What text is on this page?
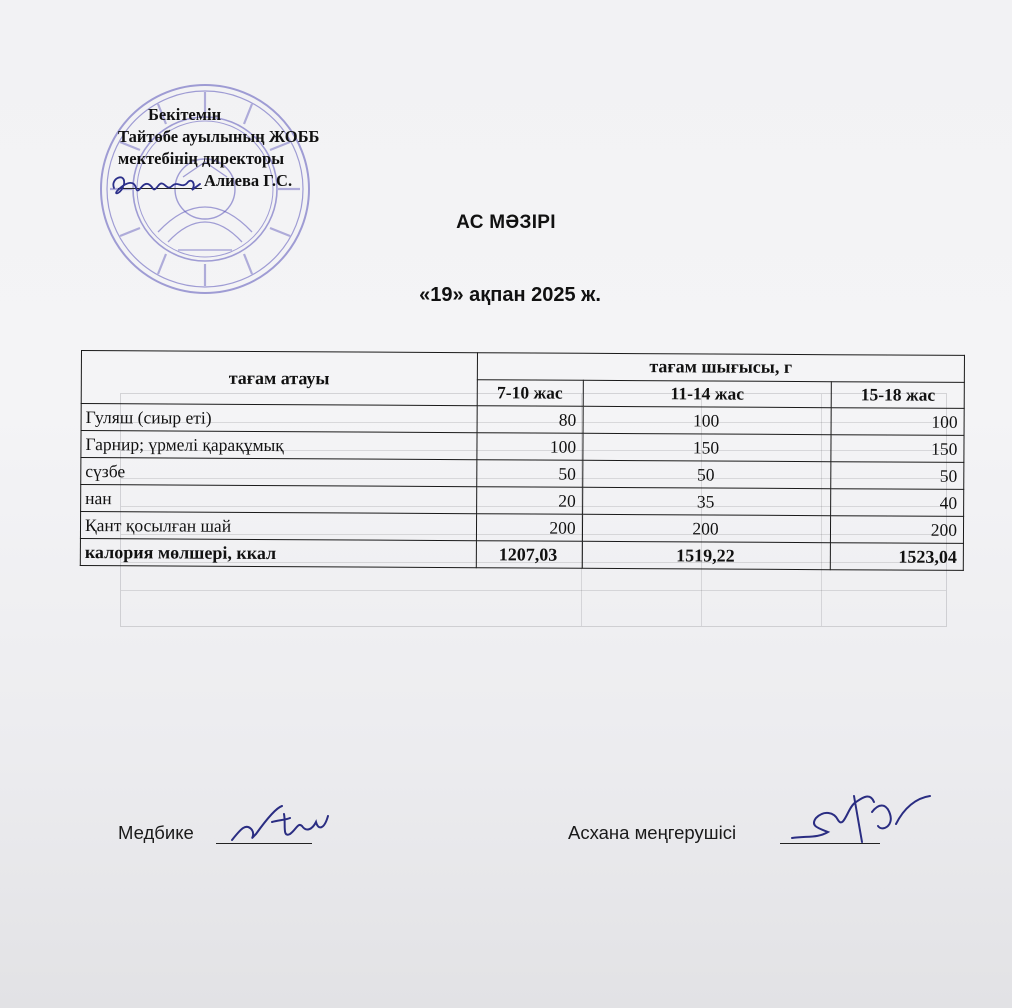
Бекітемін
Тайтөбе ауылының ЖОББ
мектебінің директоры
Алиева Г.С.
АС МӘЗІРІ
«19» ақпан 2025 ж.
тағам атауы	тағам шығысы, г		
	7-10 жас	11-14 жас	15-18 жас
Гуляш (сиыр еті)	80	100	100
Гарнир; үрмелі қарақұмық	100	150	150
сүзбе	50	50	50
нан	20	35	40
Қант қосылған шай	200	200	200
калория мөлшері, ккал	1207,03	1519,22	1523,04
Медбике	Асхана меңгерушісі
